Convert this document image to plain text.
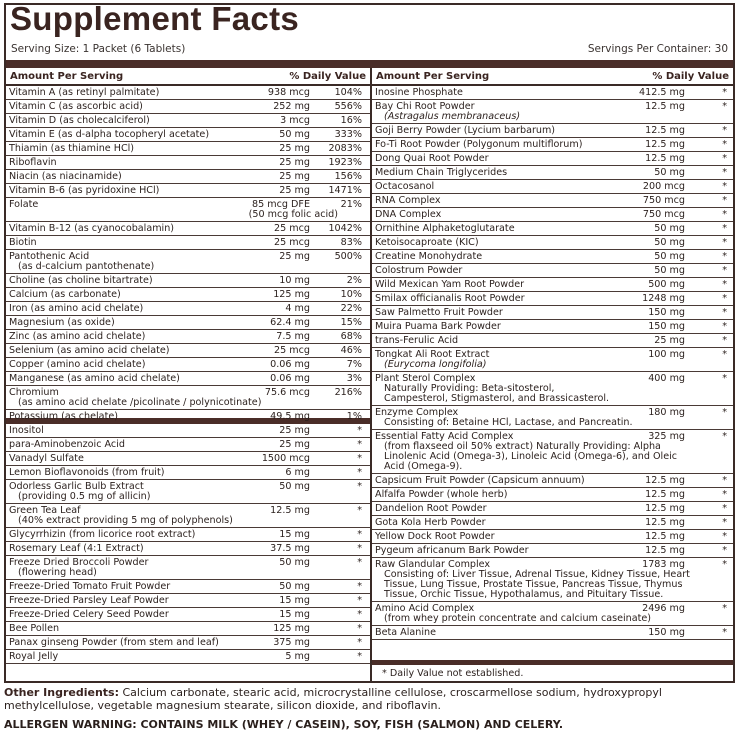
Supplement Facts
Serving Size: 1 Packet (6 Tablets)	Servings Per Container: 30
Amount Per Serving	% Daily Value
Vitamin A (as retinyl palmitate)	938 mcg	104%
Vitamin C (as ascorbic acid)	252 mg	556%
Vitamin D (as cholecalciferol)	3 mcg	16%
Vitamin E (as d-alpha tocopheryl acetate)	50 mg	333%
Thiamin (as thiamine HCl)	25 mg 2083%
Riboflavin	25 mg 1923%
Niacin (as niacinamide)	25 mg	156%
Vitamin B-6 (as pyridoxine HCl)	25 mg 1471%
Folate	85 mcg DFE	21%
(50 mcg folic acid)
Vitamin B-12 (as cyanocobalamin)	25 mcg 1042%
Biotin	25 mcg	83%
Pantothenic Acid	25 mg	500%
(as d-calcium pantothenate)
Choline (as choline bitartrate)	10 mg	2%
Calcium (as carbonate)	125 mg	10%
Iron (as amino acid chelate)	4 mg	22%
Magnesium (as oxide)	62.4 mg	15%
Zinc (as amino acid chelate)	7.5 mg	68%
Selenium (as amino acid chelate)	25 mcg	46%
Copper (amino acid chelate)	0.06 mg	7%
Manganese (as amino acid chelate)	0.06 mg	3%
Chromium	75.6 mcg	216%
(as amino acid chelate /picolinate / polynicotinate)
Potassium (as chelate)	49.5 mg	1%
Inositol	25 mg	*
para-Aminobenzoic Acid	25 mg	*
Vanadyl Sulfate	1500 mcg	*
Lemon Bioflavonoids (from fruit)	6 mg	*
Odorless Garlic Bulb Extract	50 mg	*
(providing 0.5 mg of allicin)
Green Tea Leaf	12.5 mg	*
(40% extract providing 5 mg of polyphenols)
Glycyrrhizin (from licorice root extract)	15 mg	*
Rosemary Leaf (4:1 Extract)	37.5 mg	*
Freeze Dried Broccoli Powder	50 mg	*
(flowering head)
Freeze-Dried Tomato Fruit Powder	50 mg	*
Freeze-Dried Parsley Leaf Powder	15 mg	*
Freeze-Dried Celery Seed Powder	15 mg	*
Bee Pollen	125 mg	*
Panax ginseng Powder (from stem and leaf)	375 mg	*
Royal Jelly	5 mg	*
Amount Per Serving	% Daily Value
Inosine Phosphate	412.5 mg	*
Bay Chi Root Powder	12.5 mg	*
(Astragalus membranaceus)
Goji Berry Powder (Lycium barbarum)	12.5 mg	*
Fo-Ti Root Powder (Polygonum multiflorum)	12.5 mg	*
Dong Quai Root Powder	12.5 mg	*
Medium Chain Triglycerides	50 mg	*
Octacosanol	200 mcg	*
RNA Complex	750 mcg	*
DNA Complex	750 mcg	*
Ornithine Alphaketoglutarate	50 mg	*
Ketoisocaproate (KIC)	50 mg	*
Creatine Monohydrate	50 mg	*
Colostrum Powder	50 mg	*
Wild Mexican Yam Root Powder	500 mg	*
Smilax officianalis Root Powder	1248 mg	*
Saw Palmetto Fruit Powder	150 mg	*
Muira Puama Bark Powder	150 mg	*
trans-Ferulic Acid	25 mg	*
Tongkat Ali Root Extract	100 mg	*
(Eurycoma longifolia)
Plant Sterol Complex	400 mg	*
Naturally Providing: Beta-sitosterol,
Campesterol, Stigmasterol, and Brassicasterol.
Enzyme Complex	180 mg	*
Consisting of: Betaine HCl, Lactase, and Pancreatin.
Essential Fatty Acid Complex	325 mg	*
(from flaxseed oil 50% extract) Naturally Providing: Alpha
Linolenic Acid (Omega-3), Linoleic Acid (Omega-6), and Oleic
Acid (Omega-9).
Capsicum Fruit Powder (Capsicum annuum)	12.5 mg	*
Alfalfa Powder (whole herb)	12.5 mg	*
Dandelion Root Powder	12.5 mg	*
Gota Kola Herb Powder	12.5 mg	*
Yellow Dock Root Powder	12.5 mg	*
Pygeum africanum Bark Powder	12.5 mg	*
Raw Glandular Complex	1783 mg	*
Consisting of: Liver Tissue, Adrenal Tissue, Kidney Tissue, Heart
Tissue, Lung Tissue, Prostate Tissue, Pancreas Tissue, Thymus
Tissue, Orchic Tissue, Hypothalamus, and Pituitary Tissue.
Amino Acid Complex	2496 mg	*
(from whey protein concentrate and calcium caseinate)
Beta Alanine	150 mg	*
* Daily Value not established.
Other Ingredients: Calcium carbonate, stearic acid, microcrystalline cellulose, croscarmellose sodium, hydroxypropyl methylcellulose, vegetable magnesium stearate, silicon dioxide, and riboflavin.
ALLERGEN WARNING: CONTAINS MILK (WHEY / CASEIN), SOY, FISH (SALMON) AND CELERY.
